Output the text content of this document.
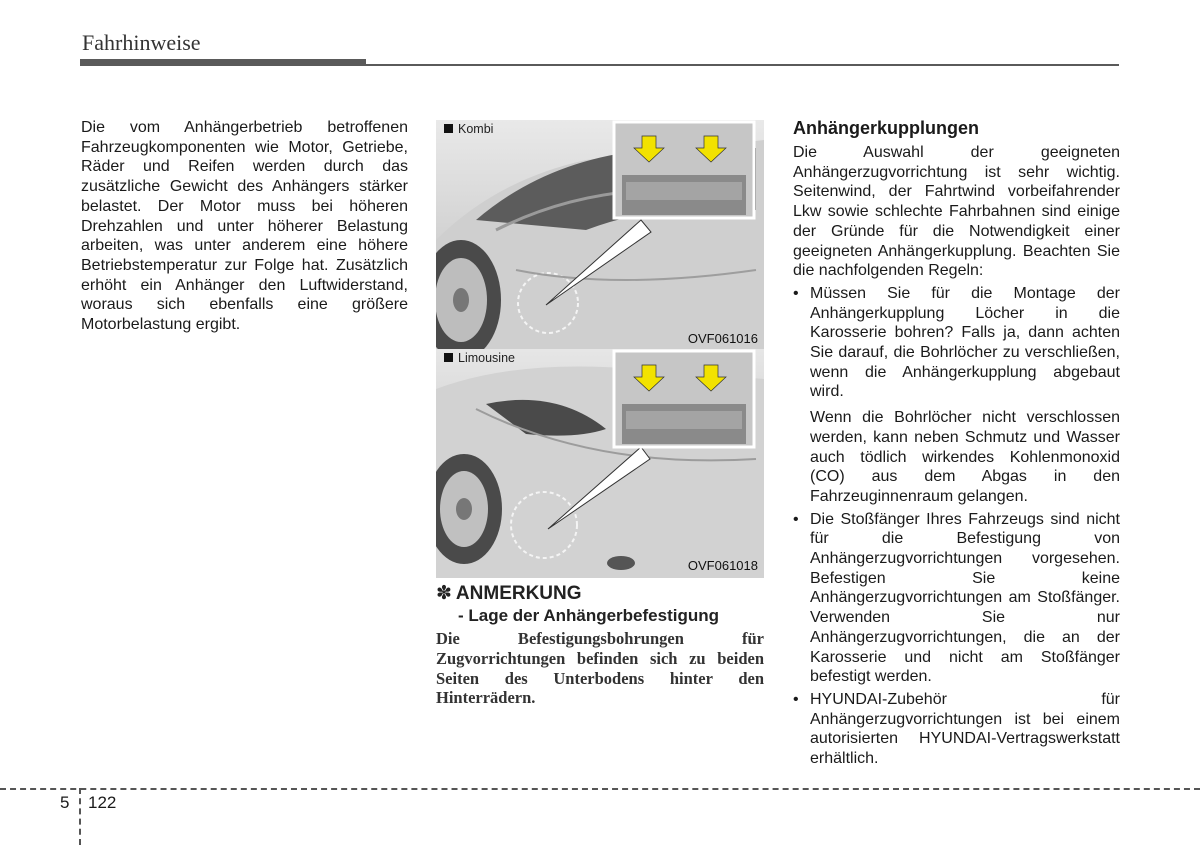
Fahrhinweise
Die vom Anhängerbetrieb betroffenen Fahrzeugkomponenten wie Motor, Getriebe, Räder und Reifen werden durch das zusätzliche Gewicht des Anhängers stärker belastet. Der Motor muss bei höheren Drehzahlen und unter höherer Belastung arbeiten, was unter anderem eine höhere Betriebstemperatur zur Folge hat. Zusätzlich erhöht ein Anhänger den Luftwiderstand, woraus sich ebenfalls eine größere Motorbelastung ergibt.
Kombi
OVF061016
Limousine
OVF061018
✽ ANMERKUNG
- Lage der Anhängerbefestigung
Die Befestigungsbohrungen für Zugvorrichtungen befinden sich zu beiden Seiten des Unterbodens hinter den Hinterrädern.
Anhängerkupplungen
Die Auswahl der geeigneten Anhängerzugvorrichtung ist sehr wichtig. Seitenwind, der Fahrtwind vorbeifahrender Lkw sowie schlechte Fahrbahnen sind einige der Gründe für die Notwendigkeit einer geeigneten Anhängerkupplung. Beachten Sie die nachfolgenden Regeln:
• Müssen Sie für die Montage der Anhängerkupplung Löcher in die Karosserie bohren? Falls ja, dann achten Sie darauf, die Bohrlöcher zu verschließen, wenn die Anhängerkupplung abgebaut wird.
Wenn die Bohrlöcher nicht verschlossen werden, kann neben Schmutz und Wasser auch tödlich wirkendes Kohlenmonoxid (CO) aus dem Abgas in den Fahrzeuginnenraum gelangen.
• Die Stoßfänger Ihres Fahrzeugs sind nicht für die Befestigung von Anhängerzugvorrichtungen vorgesehen. Befestigen Sie keine Anhängerzugvorrichtungen am Stoßfänger. Verwenden Sie nur Anhängerzugvorrichtungen, die an der Karosserie und nicht am Stoßfänger befestigt werden.
• HYUNDAI-Zubehör für Anhängerzugvorrichtungen ist bei einem autorisierten HYUNDAI-Vertragswerkstatt erhältlich.
5 122
